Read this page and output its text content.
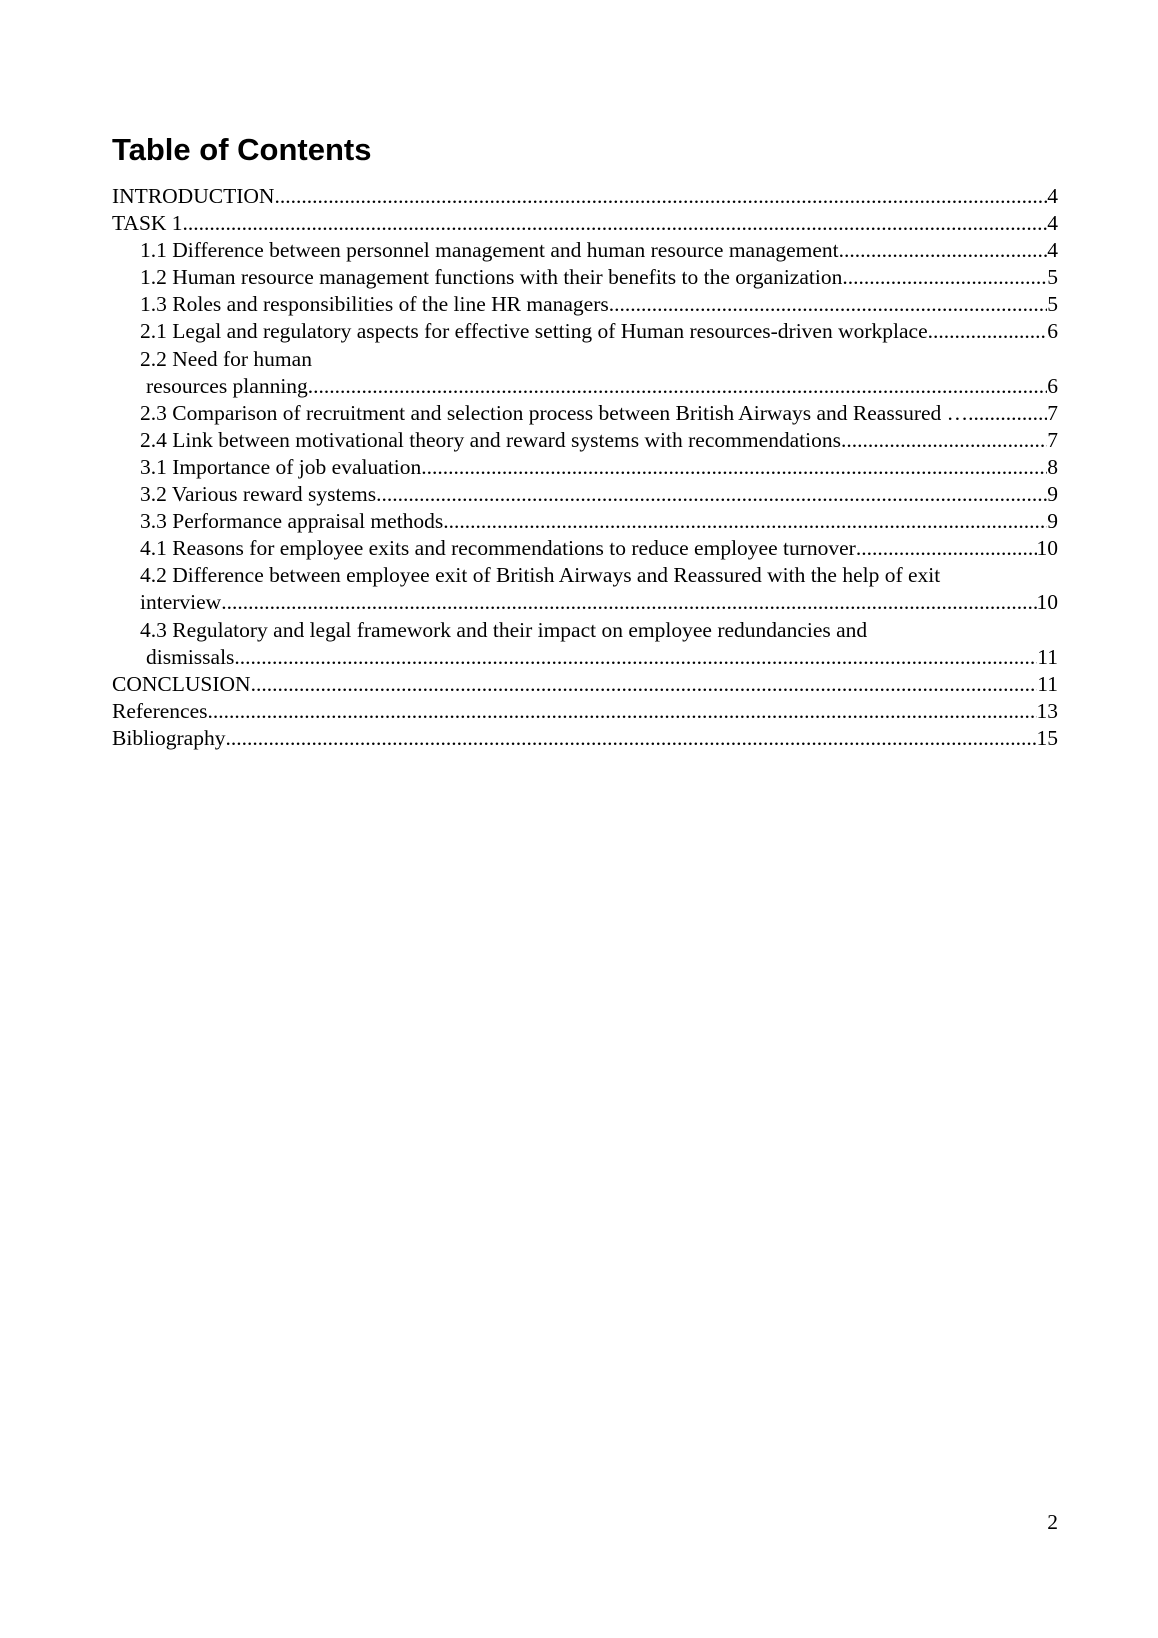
Table of Contents
INTRODUCTION .....	4
TASK 1 .....	4
1.1 Difference between personnel management and human resource management .....	4
1.2 Human resource management functions with their benefits to the organization .....	5
1.3 Roles and responsibilities of the line HR managers .....	5
2.1 Legal and regulatory aspects for effective setting of Human resources-driven workplace .....	6
2.2 Need for human
resources planning .....	6
2.3 Comparison of recruitment and selection process between British Airways and Reassured … .....	7
2.4 Link between motivational theory and reward systems with recommendations .....	7
3.1 Importance of job evaluation .....	8
3.2 Various reward systems .....	9
3.3 Performance appraisal methods .....	9
4.1 Reasons for employee exits and recommendations to reduce employee turnover .....	10
4.2 Difference between employee exit of British Airways and Reassured with the help of exit
interview .....	10
4.3 Regulatory and legal framework and their impact on employee redundancies and
dismissals .....	11
CONCLUSION .....	11
References .....	13
Bibliography .....	15
2
